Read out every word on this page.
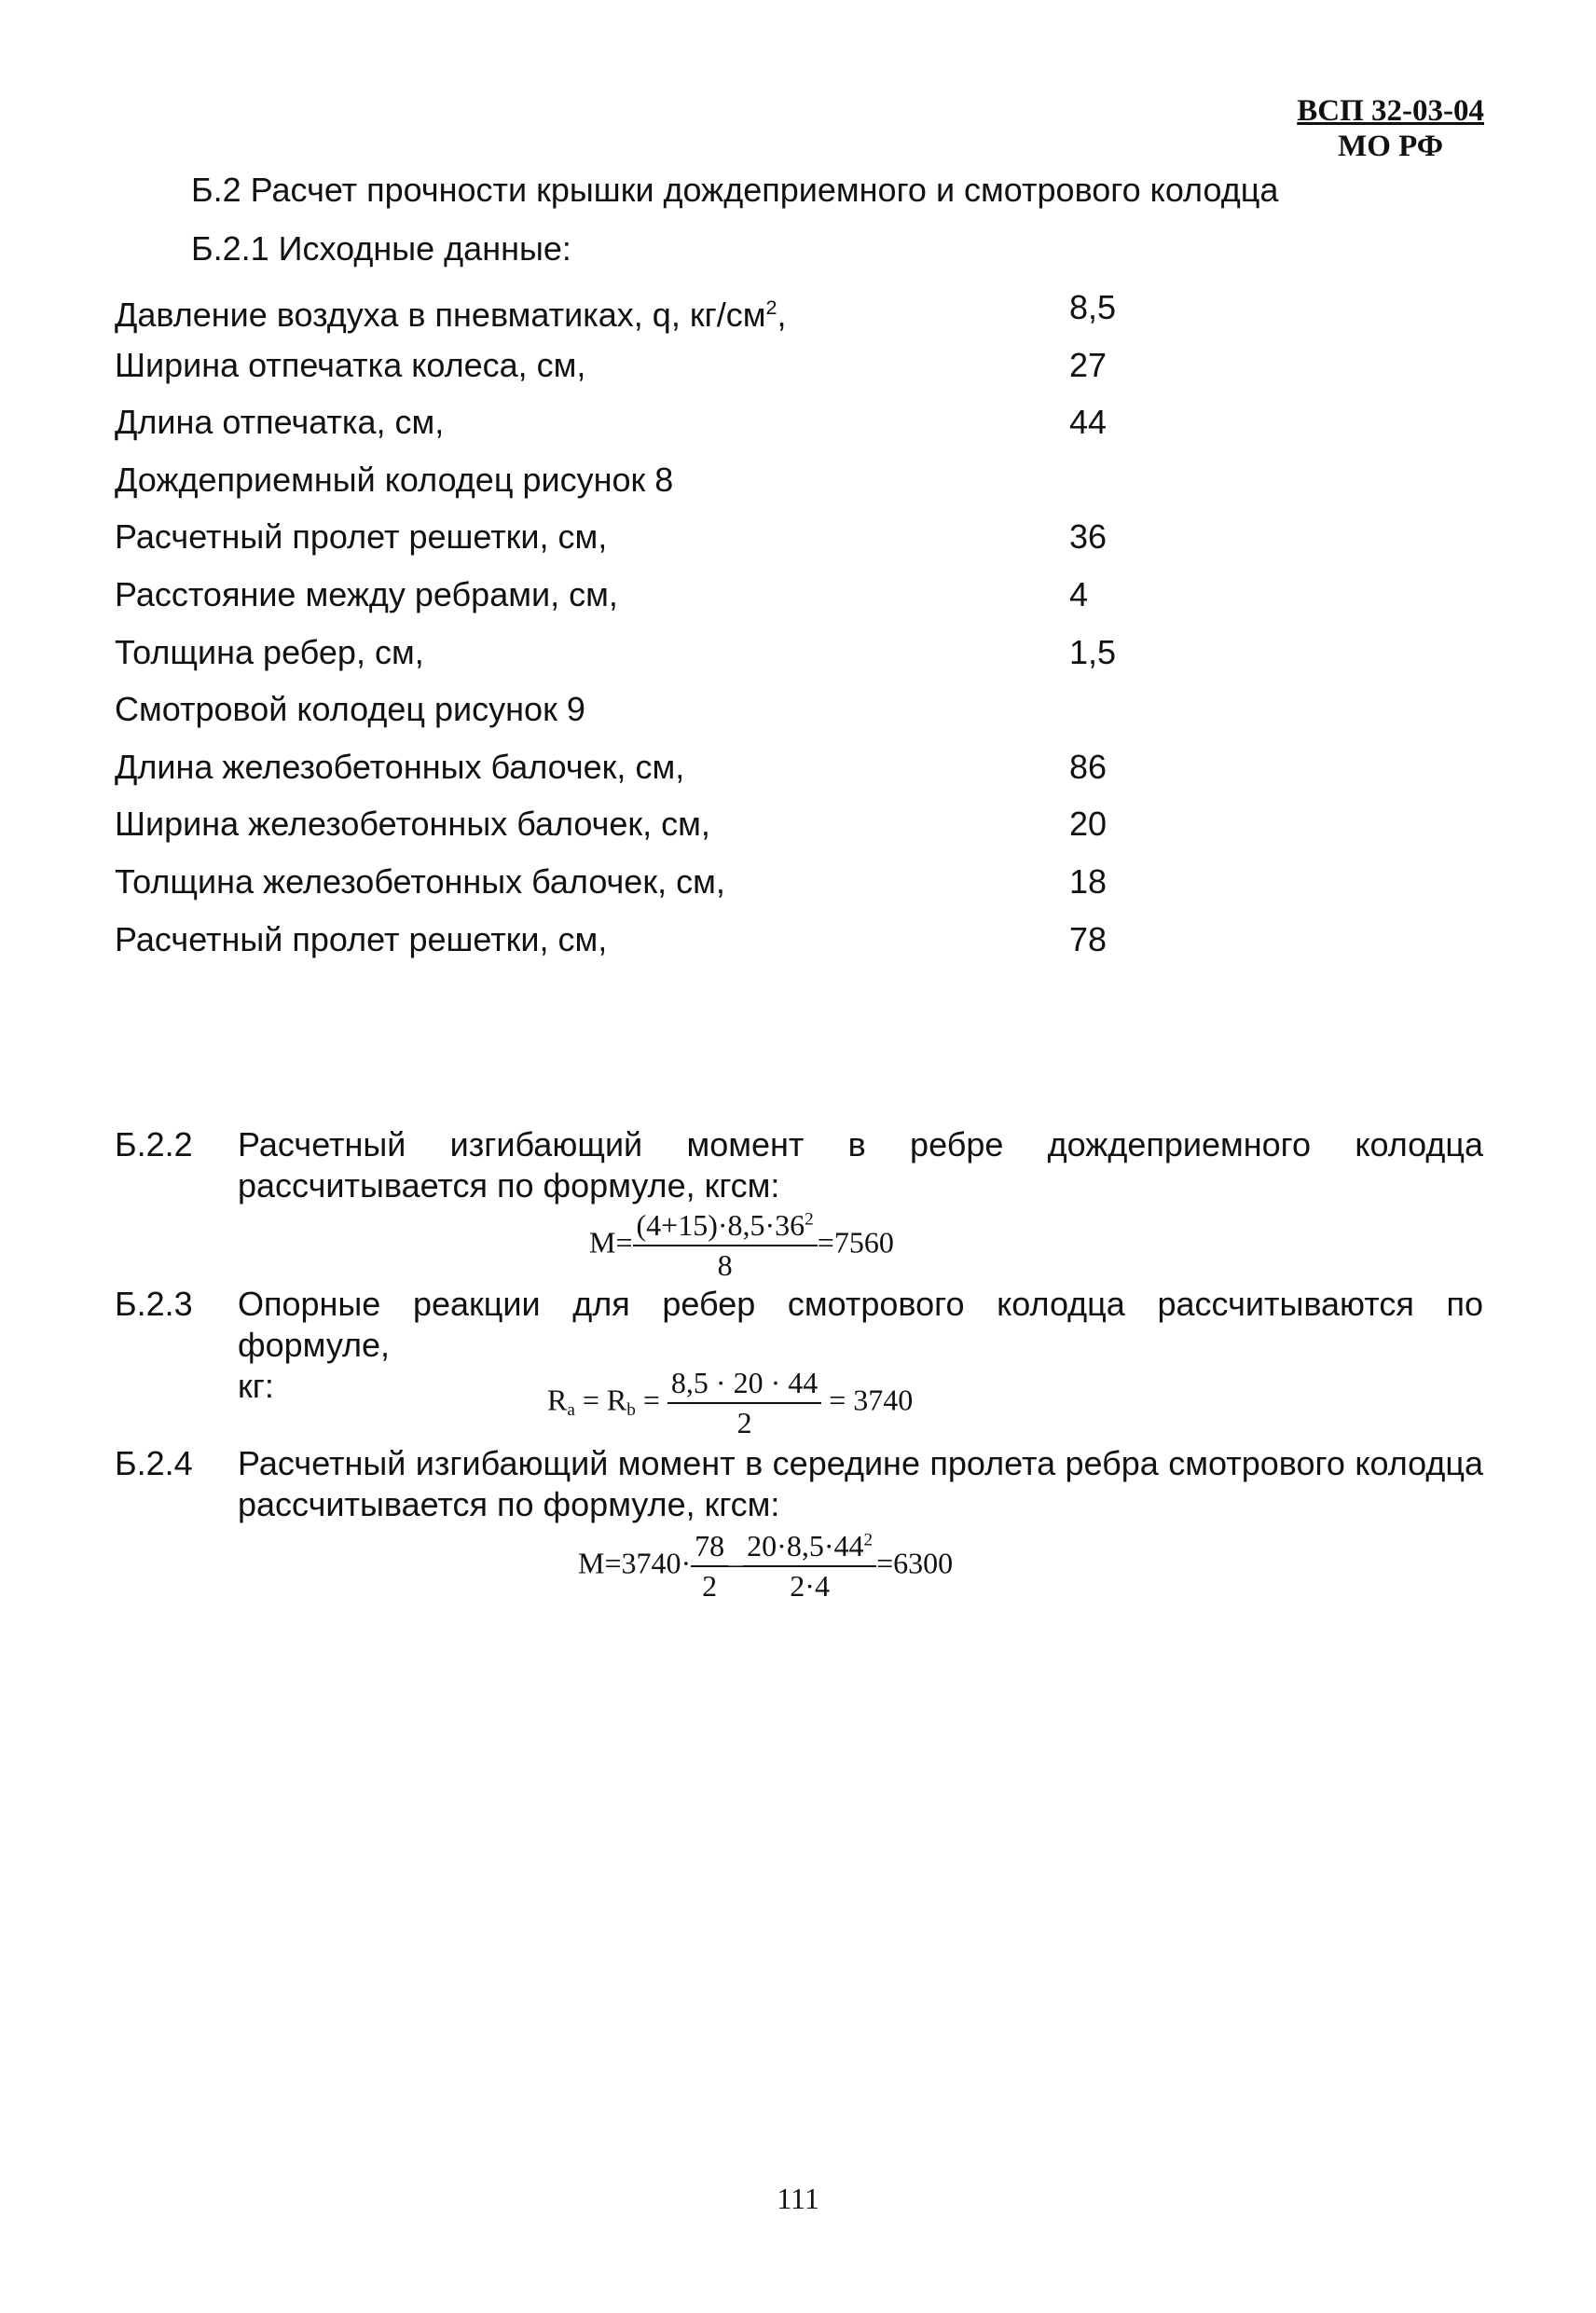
ВСП 32-03-04
МО РФ
Б.2 Расчет прочности крышки дождеприемного и смотрового колодца
Б.2.1 Исходные данные:
Давление воздуха в пневматиках, q, $кг/см^2$,	8,5
Ширина отпечатка колеса, см,	27
Длина отпечатка, см,	44
Дождеприемный колодец рисунок 8
Расчетный пролет решетки, см,	36
Расстояние между ребрами, см,	4
Толщина ребер, см,	1,5
Смотровой колодец рисунок 9
Длина железобетонных балочек, см,	86
Ширина железобетонных балочек, см,	20
Толщина железобетонных балочек, см,	18
Расчетный пролет решетки, см,	78
Б.2.2 Расчетный изгибающий момент в ребре дождеприемного колодца
рассчитывается по формуле, кгсм:
$M= \frac{(4+15)\cdot 8,5\cdot 36^2}{8} =7560$
Б.2.3 Опорные реакции для ребер смотрового колодца рассчитываются по формуле,
кг:	$R_a = R_b = \frac{8,5 \cdot 20 \cdot 44}{2} = 3740$
Б.2.4 Расчетный изгибающий момент в середине пролета ребра смотрового колодца
рассчитывается по формуле, кгсм:
$M=3740\cdot \frac{78}{2} - \frac{20\cdot 8,5\cdot 44^2}{2\cdot 4} =6300$
111
